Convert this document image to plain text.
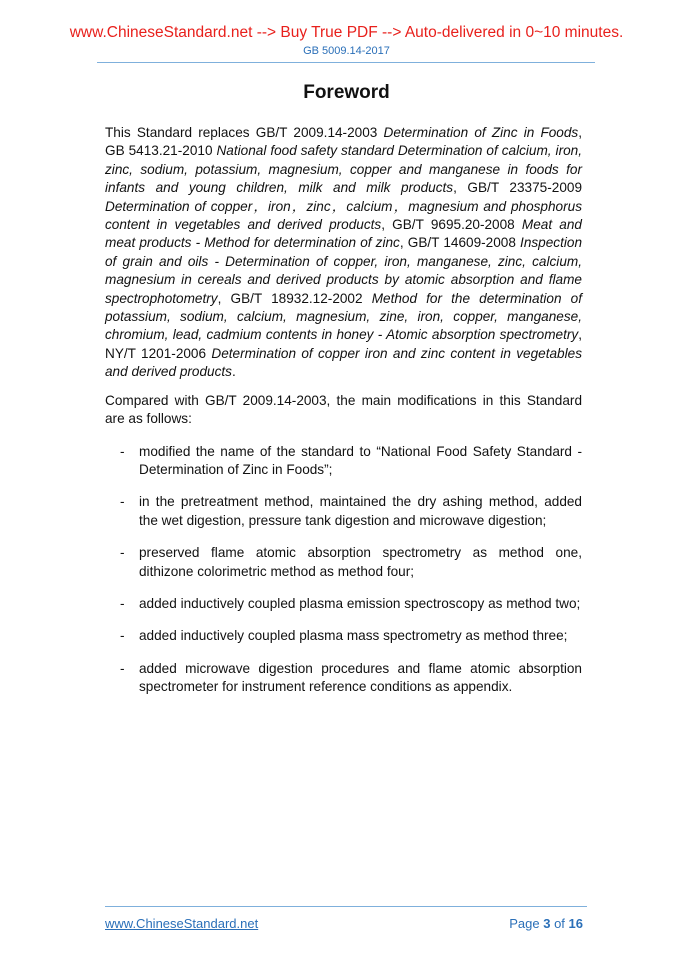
www.ChineseStandard.net --> Buy True PDF --> Auto-delivered in 0~10 minutes.
GB 5009.14-2017
Foreword

This Standard replaces GB/T 2009.14-2003 Determination of Zinc in Foods, GB 5413.21-2010 National food safety standard Determination of calcium, iron, zinc, sodium, potassium, magnesium, copper and manganese in foods for infants and young children, milk and milk products, GB/T 23375-2009 Determination of copper，iron，zinc，calcium，magnesium and phosphorus content in vegetables and derived products, GB/T 9695.20-2008 Meat and meat products - Method for determination of zinc, GB/T 14609-2008 Inspection of grain and oils - Determination of copper, iron, manganese, zinc, calcium, magnesium in cereals and derived products by atomic absorption and flame spectrophotometry, GB/T 18932.12-2002 Method for the determination of potassium, sodium, calcium, magnesium, zine, iron, copper, manganese, chromium, lead, cadmium contents in honey - Atomic absorption spectrometry, NY/T 1201-2006 Determination of copper iron and zinc content in vegetables and derived products.

Compared with GB/T 2009.14-2003, the main modifications in this Standard are as follows:

- modified the name of the standard to “National Food Safety Standard - Determination of Zinc in Foods”;
- in the pretreatment method, maintained the dry ashing method, added the wet digestion, pressure tank digestion and microwave digestion;
- preserved flame atomic absorption spectrometry as method one, dithizone colorimetric method as method four;
- added inductively coupled plasma emission spectroscopy as method two;
- added inductively coupled plasma mass spectrometry as method three;
- added microwave digestion procedures and flame atomic absorption spectrometer for instrument reference conditions as appendix.
www.ChineseStandard.net	Page 3 of 16
